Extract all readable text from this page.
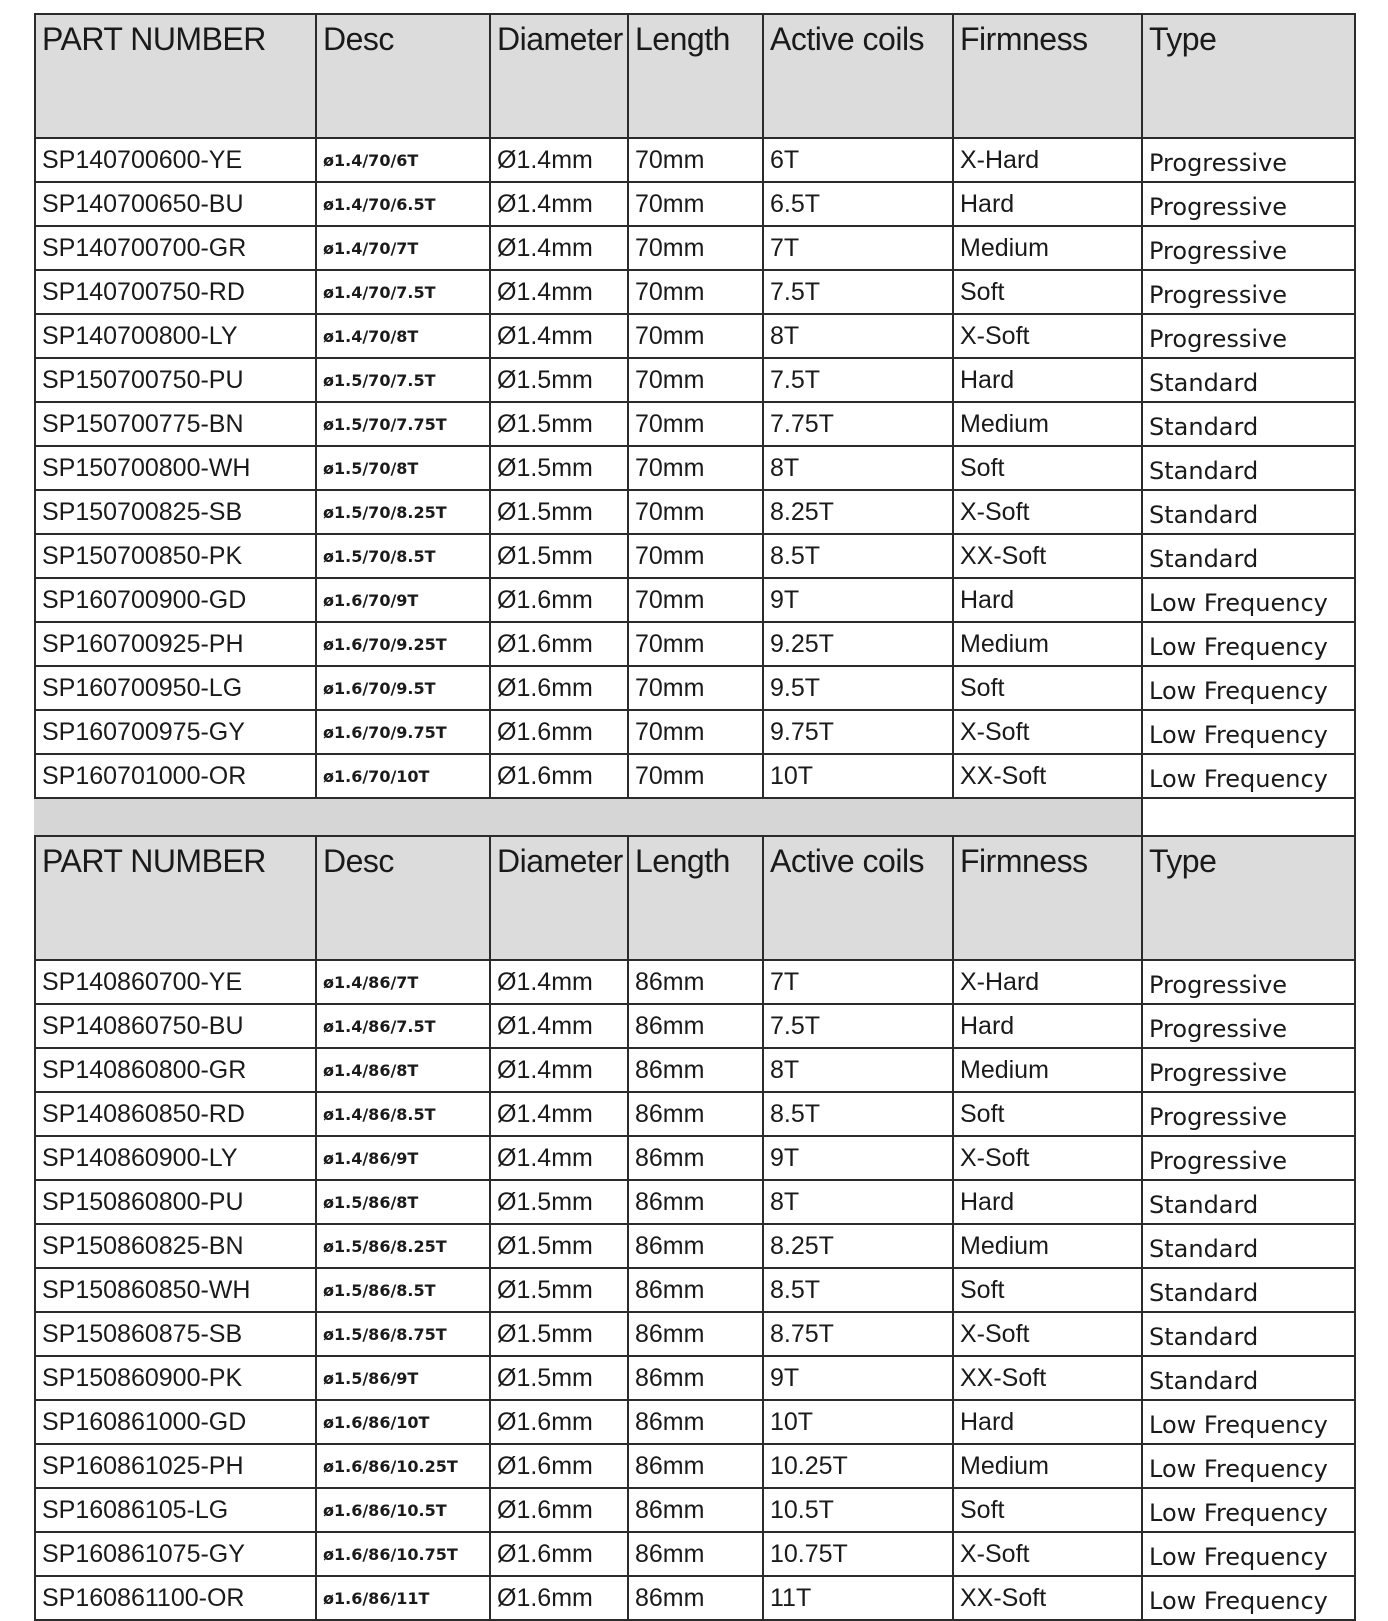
PART NUMBER	Desc	Diameter	Length	Active coils	Firmness	Type
SP140700600-YE	ø1.4/70/6T	Ø1.4mm	70mm	6T	X-Hard	Progressive
SP140700650-BU	ø1.4/70/6.5T	Ø1.4mm	70mm	6.5T	Hard	Progressive
SP140700700-GR	ø1.4/70/7T	Ø1.4mm	70mm	7T	Medium	Progressive
SP140700750-RD	ø1.4/70/7.5T	Ø1.4mm	70mm	7.5T	Soft	Progressive
SP140700800-LY	ø1.4/70/8T	Ø1.4mm	70mm	8T	X-Soft	Progressive
SP150700750-PU	ø1.5/70/7.5T	Ø1.5mm	70mm	7.5T	Hard	Standard
SP150700775-BN	ø1.5/70/7.75T	Ø1.5mm	70mm	7.75T	Medium	Standard
SP150700800-WH	ø1.5/70/8T	Ø1.5mm	70mm	8T	Soft	Standard
SP150700825-SB	ø1.5/70/8.25T	Ø1.5mm	70mm	8.25T	X-Soft	Standard
SP150700850-PK	ø1.5/70/8.5T	Ø1.5mm	70mm	8.5T	XX-Soft	Standard
SP160700900-GD	ø1.6/70/9T	Ø1.6mm	70mm	9T	Hard	Low Frequency
SP160700925-PH	ø1.6/70/9.25T	Ø1.6mm	70mm	9.25T	Medium	Low Frequency
SP160700950-LG	ø1.6/70/9.5T	Ø1.6mm	70mm	9.5T	Soft	Low Frequency
SP160700975-GY	ø1.6/70/9.75T	Ø1.6mm	70mm	9.75T	X-Soft	Low Frequency
SP160701000-OR	ø1.6/70/10T	Ø1.6mm	70mm	10T	XX-Soft	Low Frequency

PART NUMBER	Desc	Diameter	Length	Active coils	Firmness	Type
SP140860700-YE	ø1.4/86/7T	Ø1.4mm	86mm	7T	X-Hard	Progressive
SP140860750-BU	ø1.4/86/7.5T	Ø1.4mm	86mm	7.5T	Hard	Progressive
SP140860800-GR	ø1.4/86/8T	Ø1.4mm	86mm	8T	Medium	Progressive
SP140860850-RD	ø1.4/86/8.5T	Ø1.4mm	86mm	8.5T	Soft	Progressive
SP140860900-LY	ø1.4/86/9T	Ø1.4mm	86mm	9T	X-Soft	Progressive
SP150860800-PU	ø1.5/86/8T	Ø1.5mm	86mm	8T	Hard	Standard
SP150860825-BN	ø1.5/86/8.25T	Ø1.5mm	86mm	8.25T	Medium	Standard
SP150860850-WH	ø1.5/86/8.5T	Ø1.5mm	86mm	8.5T	Soft	Standard
SP150860875-SB	ø1.5/86/8.75T	Ø1.5mm	86mm	8.75T	X-Soft	Standard
SP150860900-PK	ø1.5/86/9T	Ø1.5mm	86mm	9T	XX-Soft	Standard
SP160861000-GD	ø1.6/86/10T	Ø1.6mm	86mm	10T	Hard	Low Frequency
SP160861025-PH	ø1.6/86/10.25T	Ø1.6mm	86mm	10.25T	Medium	Low Frequency
SP16086105-LG	ø1.6/86/10.5T	Ø1.6mm	86mm	10.5T	Soft	Low Frequency
SP160861075-GY	ø1.6/86/10.75T	Ø1.6mm	86mm	10.75T	X-Soft	Low Frequency
SP160861100-OR	ø1.6/86/11T	Ø1.6mm	86mm	11T	XX-Soft	Low Frequency
